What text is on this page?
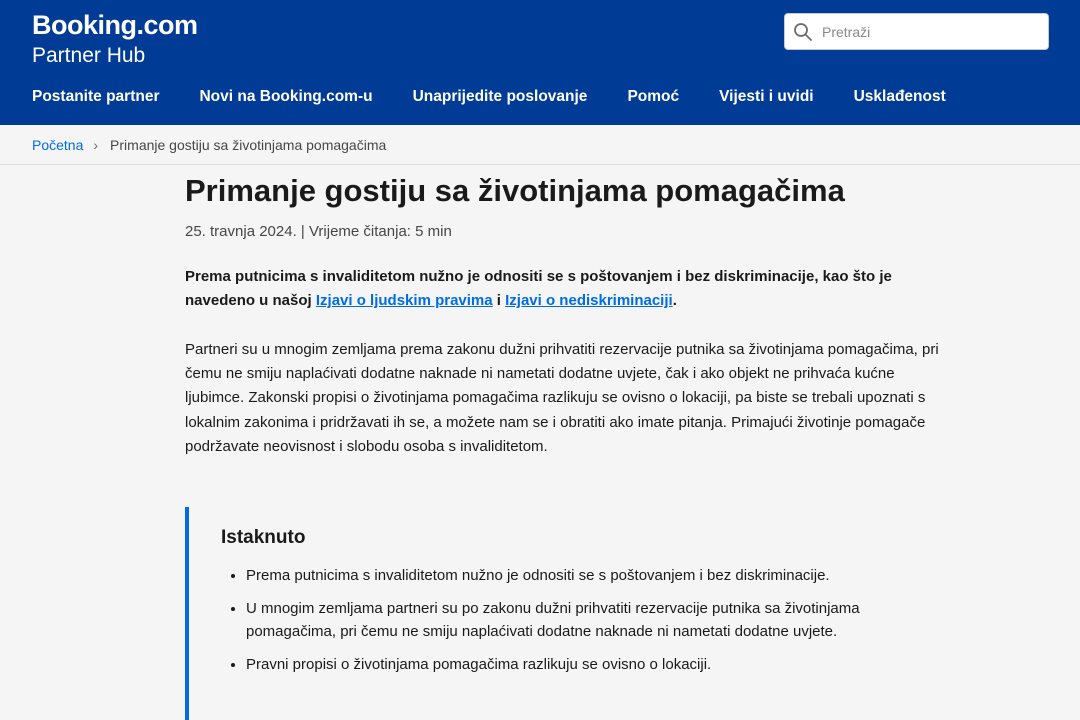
Booking.com
Partner Hub
Pretraži
Postanite partner	Novi na Booking.com-u	Unaprijedite poslovanje	Pomoć	Vijesti i uvidi	Usklađenost
Početna › Primanje gostiju sa životinjama pomagačima
Primanje gostiju sa životinjama pomagačima
25. travnja 2024. | Vrijeme čitanja: 5 min

Prema putnicima s invaliditetom nužno je odnositi se s poštovanjem i bez diskriminacije, kao što je navedeno u našoj Izjavi o ljudskim pravima i Izjavi o nediskriminaciji.

Partneri su u mnogim zemljama prema zakonu dužni prihvatiti rezervacije putnika sa životinjama pomagačima, pri čemu ne smiju naplaćivati dodatne naknade ni nametati dodatne uvjete, čak i ako objekt ne prihvaća kućne ljubimce. Zakonski propisi o životinjama pomagačima razlikuju se ovisno o lokaciji, pa biste se trebali upoznati s lokalnim zakonima i pridržavati ih se, a možete nam se i obratiti ako imate pitanja. Primajući životinje pomagače podržavate neovisnost i slobodu osoba s invaliditetom.

Istaknuto
• Prema putnicima s invaliditetom nužno je odnositi se s poštovanjem i bez diskriminacije.
• U mnogim zemljama partneri su po zakonu dužni prihvatiti rezervacije putnika sa životinjama pomagačima, pri čemu ne smiju naplaćivati dodatne naknade ni nametati dodatne uvjete.
• Pravni propisi o životinjama pomagačima razlikuju se ovisno o lokaciji.
